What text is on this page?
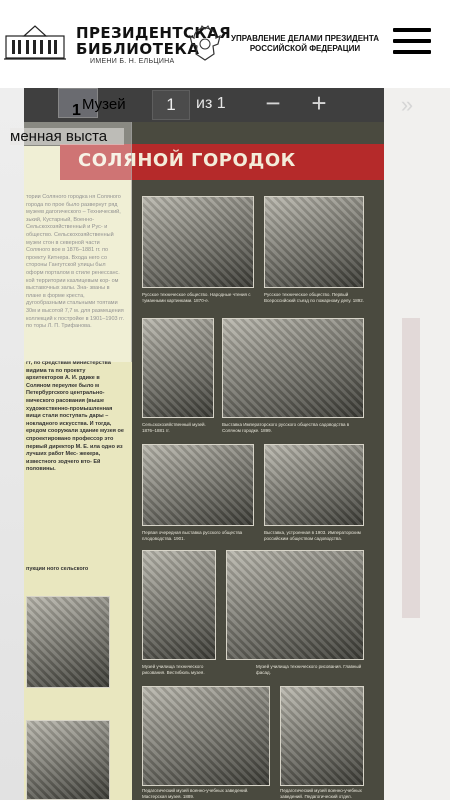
ПРЕЗИДЕНТСКАЯ
БИБЛИОТЕКА
ИМЕНИ Б. Н. ЕЛЬЦИНА
УПРАВЛЕНИЕ ДЕЛАМИ ПРЕЗИДЕНТА
РОССИЙСКОЙ ФЕДЕРАЦИИ
СОЛЯНОЙ ГОРОДОК
тории Соляного городка ня Соляного города по прое было развернут ряд музеев дагогического – Технический, зький, Кустарный, Военно- Сельскохозяйственный и Рус- и общество. Сельскохозяйственный музеи стон в северной части Соляного вое в 1876–1881 гг. по проекту Китнера. Входа него со стороны Гангутской улицы был оформ порталом в стиле ренессанс. кой территории казлицевым кор- ом выставочных залы. Зна- званы в плане в форме креста, дугообразными стальными тоятами 30м и высотой 7,7 м. для размещения коллекций к постройке в 1901–1903 гг. по торы Л. П. Трифанова.
гт, по средствам министерства видима та по проекту архитекторов А. И. рдике в Соляном переулке было м Петербургского центрально- мического расования (выше художественно-промышленная вищи стали поступать дары – нокладного искусства. И тогда, ередом сооружали здание музея ое спроектировано профессор это первый директор М. Е. ила одно из лучших работ Мес- жекера, известного зодчего вто- Ей половины.
пукции ного сельского
Русское техническое общество. Народные чтения с туманными картинками. 1870-е.
Русское техническое общество. Первый Всероссийский съезд по пожарному делу. 1892.
Сельскохозяйственный музей. 1876–1881 гг.
Выставка Императорского русского общества садоводства в Соляном городке. 1899.
Первая очередная выставка русского общества плодоводства. 1901.
Выставка, устроенная в 1903. Императорским российским обществом садоводства.
Музей училища технического рисования. Вестибюль музея.
Музей училища технического рисования. Главный фасад.
Педагогический музей военно-учебных заведений. Мастерская музея. 1889.
Педагогический музей военно-учебных заведений. Педагогический отдел.
1 Музей	1	из 1 − +	»
менная выста
